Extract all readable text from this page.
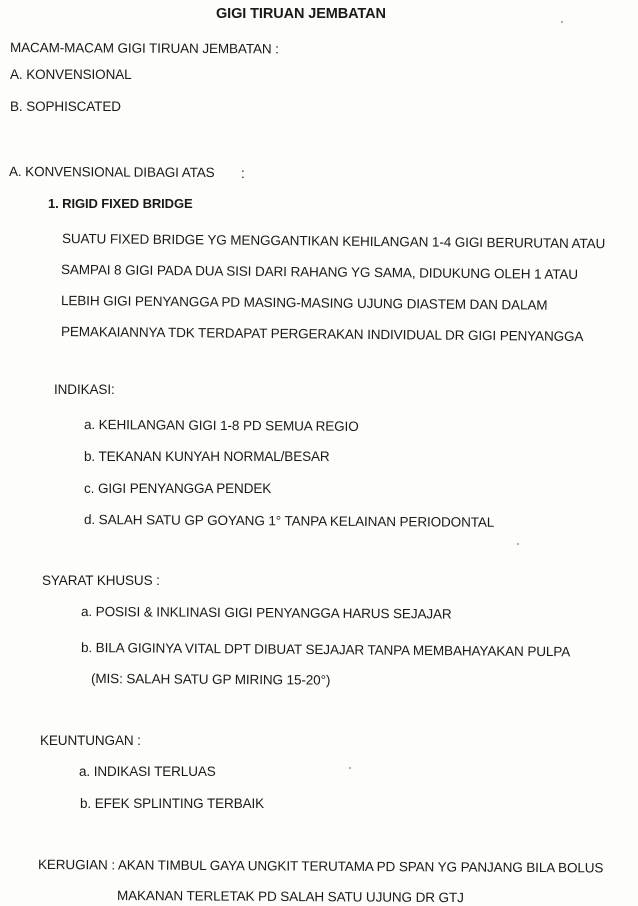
GIGI TIRUAN JEMBATAN
MACAM-MACAM GIGI TIRUAN JEMBATAN :
A. KONVENSIONAL
B. SOPHISCATED
A. KONVENSIONAL DIBAGI ATAS :
1. RIGID FIXED BRIDGE
SUATU FIXED BRIDGE YG MENGGANTIKAN KEHILANGAN 1-4 GIGI BERURUTAN ATAU
SAMPAI 8 GIGI PADA DUA SISI DARI RAHANG YG SAMA, DIDUKUNG OLEH 1 ATAU
LEBIH GIGI PENYANGGA PD MASING-MASING UJUNG DIASTEM DAN DALAM
PEMAKAIANNYA TDK TERDAPAT PERGERAKAN INDIVIDUAL DR GIGI PENYANGGA
INDIKASI:
a. KEHILANGAN GIGI 1-8 PD SEMUA REGIO
b. TEKANAN KUNYAH NORMAL/BESAR
c. GIGI PENYANGGA PENDEK
d. SALAH SATU GP GOYANG 1° TANPA KELAINAN PERIODONTAL
SYARAT KHUSUS :
a. POSISI & INKLINASI GIGI PENYANGGA HARUS SEJAJAR
b. BILA GIGINYA VITAL DPT DIBUAT SEJAJAR TANPA MEMBAHAYAKAN PULPA
(MIS: SALAH SATU GP MIRING 15-20°)
KEUNTUNGAN :
a. INDIKASI TERLUAS
b. EFEK SPLINTING TERBAIK
KERUGIAN : AKAN TIMBUL GAYA UNGKIT TERUTAMA PD SPAN YG PANJANG BILA BOLUS
MAKANAN TERLETAK PD SALAH SATU UJUNG DR GTJ
